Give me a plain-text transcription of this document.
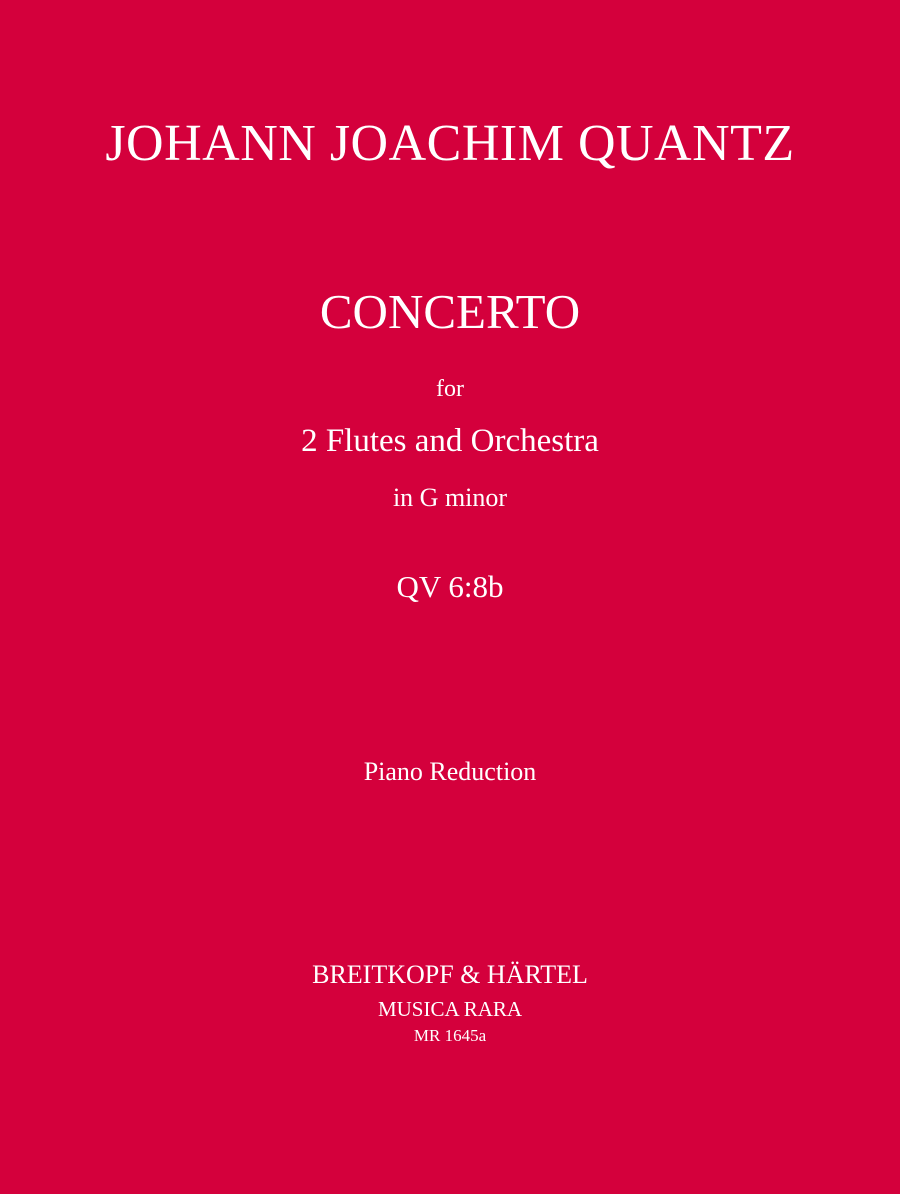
JOHANN JOACHIM QUANTZ
CONCERTO
for
2 Flutes and Orchestra
in G minor
QV 6:8b
Piano Reduction
BREITKOPF & HÄRTEL
MUSICA RARA
MR 1645a
